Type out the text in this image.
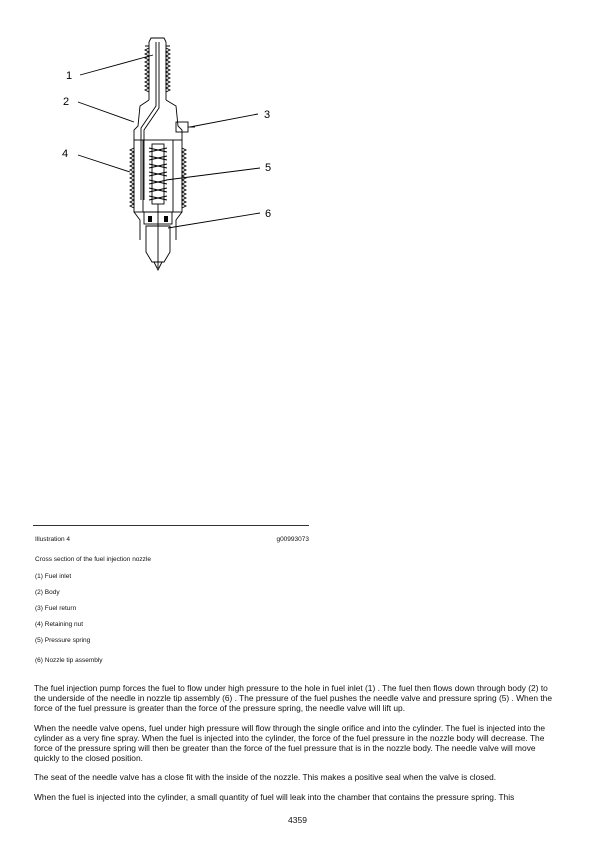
1
2
3
4
5
6
Illustration 4	g00993073
Cross section of the fuel injection nozzle
(1) Fuel inlet
(2) Body
(3) Fuel return
(4) Retaining nut
(5) Pressure spring
(6) Nozzle tip assembly

The fuel injection pump forces the fuel to flow under high pressure to the hole in fuel inlet (1) . The fuel then flows down through body (2) to the underside of the needle in nozzle tip assembly (6) . The pressure of the fuel pushes the needle valve and pressure spring (5) . When the force of the fuel pressure is greater than the force of the pressure spring, the needle valve will lift up.

When the needle valve opens, fuel under high pressure will flow through the single orifice and into the cylinder. The fuel is injected into the cylinder as a very fine spray. When the fuel is injected into the cylinder, the force of the fuel pressure in the nozzle body will decrease. The force of the pressure spring will then be greater than the force of the fuel pressure that is in the nozzle body. The needle valve will move quickly to the closed position.

The seat of the needle valve has a close fit with the inside of the nozzle. This makes a positive seal when the valve is closed.

When the fuel is injected into the cylinder, a small quantity of fuel will leak into the chamber that contains the pressure spring. This

4359
